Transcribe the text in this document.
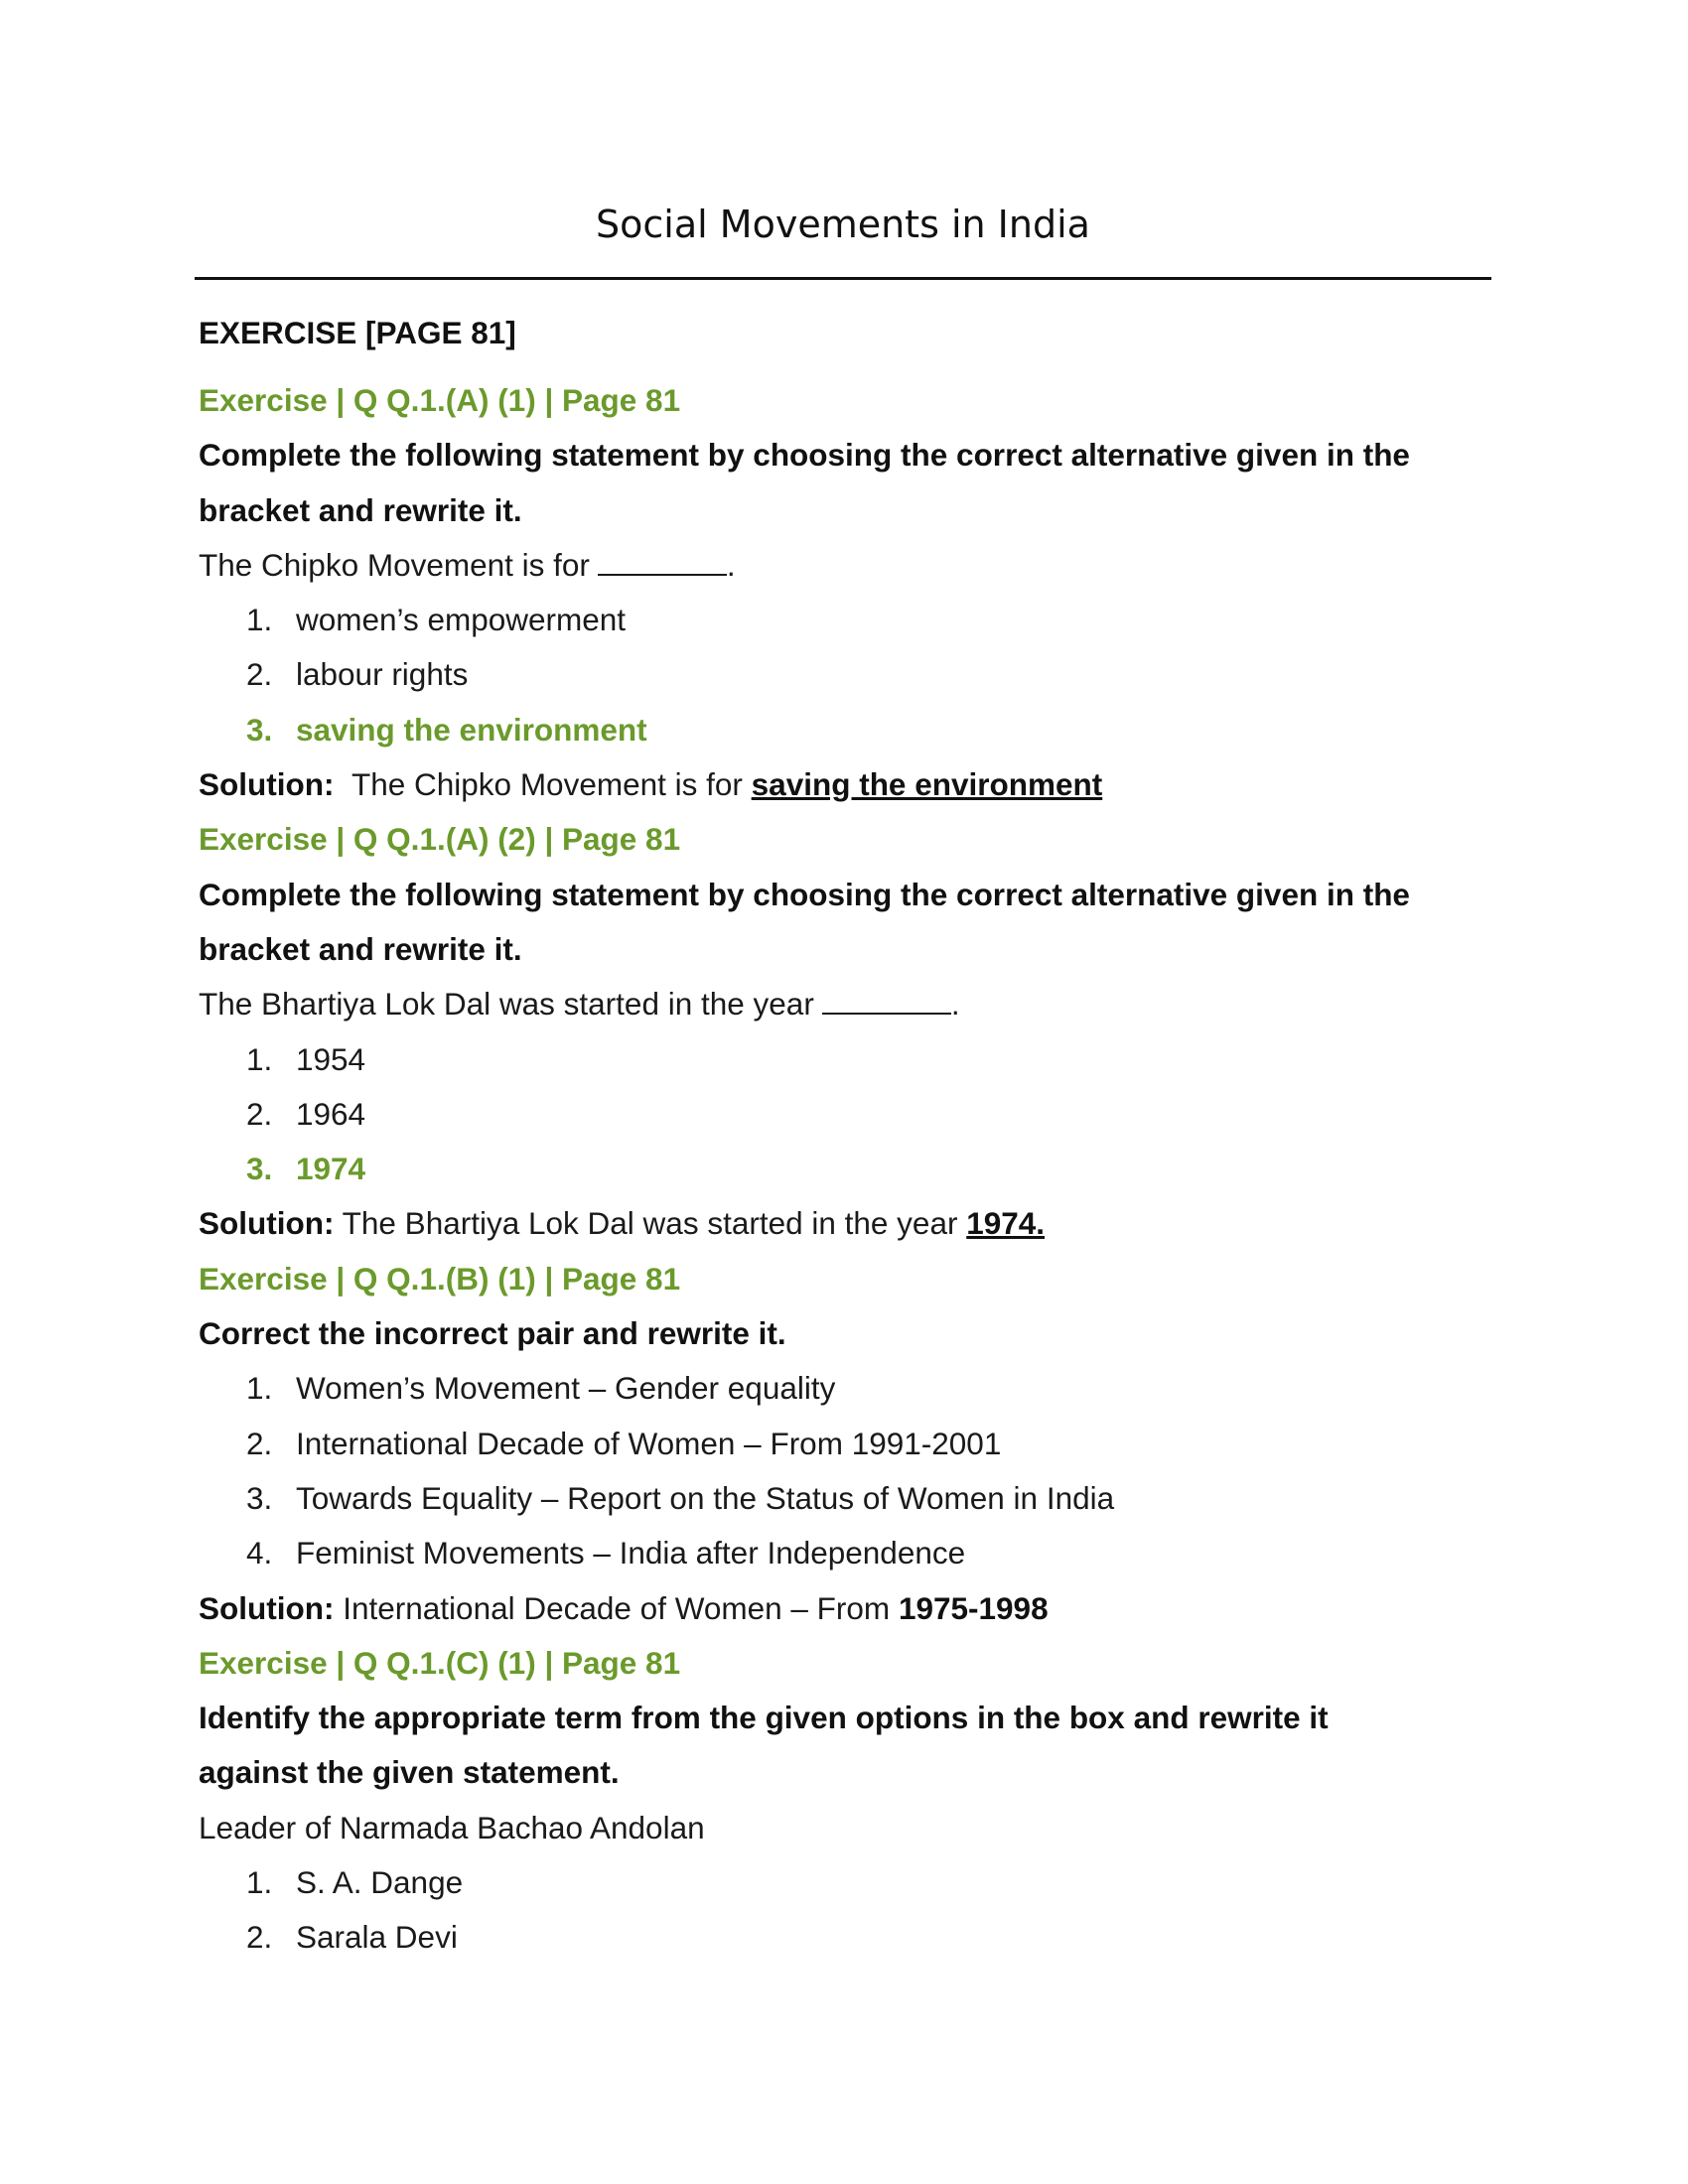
Social Movements in India

EXERCISE [PAGE 81]

Exercise | Q Q.1.(A) (1) | Page 81

Complete the following statement by choosing the correct alternative given in the

bracket and rewrite it.

The Chipko Movement is for	.

1. women’s empowerment
2. labour rights
3. saving the environment

Solution: The Chipko Movement is for saving the environment

Exercise | Q Q.1.(A) (2) | Page 81

Complete the following statement by choosing the correct alternative given in the

bracket and rewrite it.

The Bhartiya Lok Dal was started in the year	.

1. 1954
2. 1964
3. 1974

Solution: The Bhartiya Lok Dal was started in the year 1974.

Exercise | Q Q.1.(B) (1) | Page 81

Correct the incorrect pair and rewrite it.

1. Women’s Movement – Gender equality
2. International Decade of Women – From 1991-2001
3. Towards Equality – Report on the Status of Women in India
4. Feminist Movements – India after Independence

Solution: International Decade of Women – From 1975-1998

Exercise | Q Q.1.(C) (1) | Page 81

Identify the appropriate term from the given options in the box and rewrite it

against the given statement.

Leader of Narmada Bachao Andolan

1. S. A. Dange
2. Sarala Devi
